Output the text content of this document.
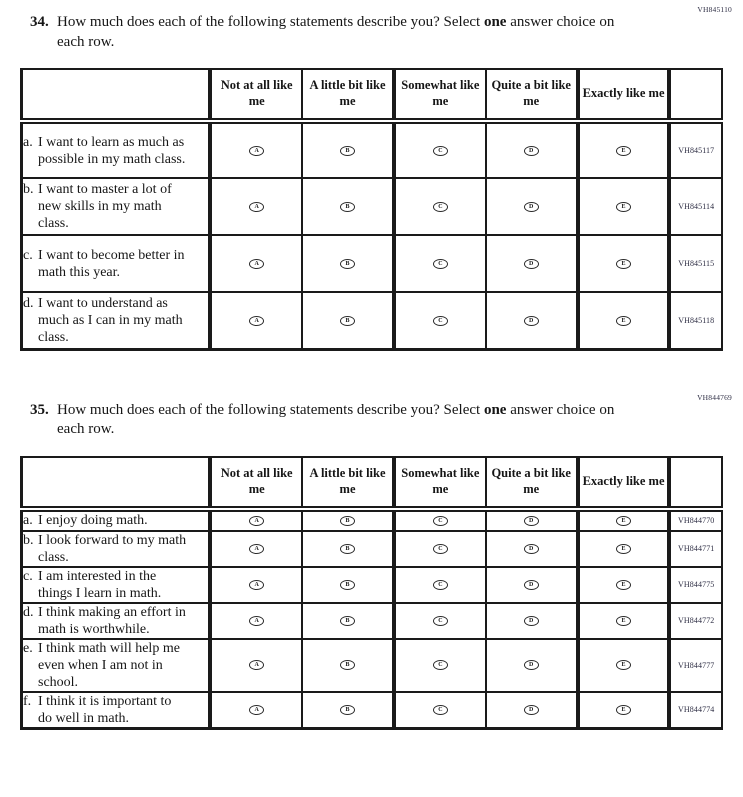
VH845110
34. How much does each of the following statements describe you? Select one answer choice on each row.

	Not at all like me	A little bit like me	Somewhat like me	Quite a bit like me	Exactly like me	

a. I want to learn as much as possible in my math class.	A	B	C	D	E	VH845117

b. I want to master a lot of new skills in my math class.	A	B	C	D	E	VH845114

c. I want to become better in math this year.	A	B	C	D	E	VH845115

d. I want to understand as much as I can in my math class.	A	B	C	D	E	VH845118
VH844769
35. How much does each of the following statements describe you? Select one answer choice on each row.

	Not at all like me	A little bit like me	Somewhat like me	Quite a bit like me	Exactly like me	

a. I enjoy doing math.	A	B	C	D	E	VH844770

b. I look forward to my math class.	A	B	C	D	E	VH844771

c. I am interested in the things I learn in math.	A	B	C	D	E	VH844775

d. I think making an effort in math is worthwhile.	A	B	C	D	E	VH844772

e. I think math will help me even when I am not in school.	A	B	C	D	E	VH844777

f. I think it is important to do well in math.	A	B	C	D	E	VH844774
